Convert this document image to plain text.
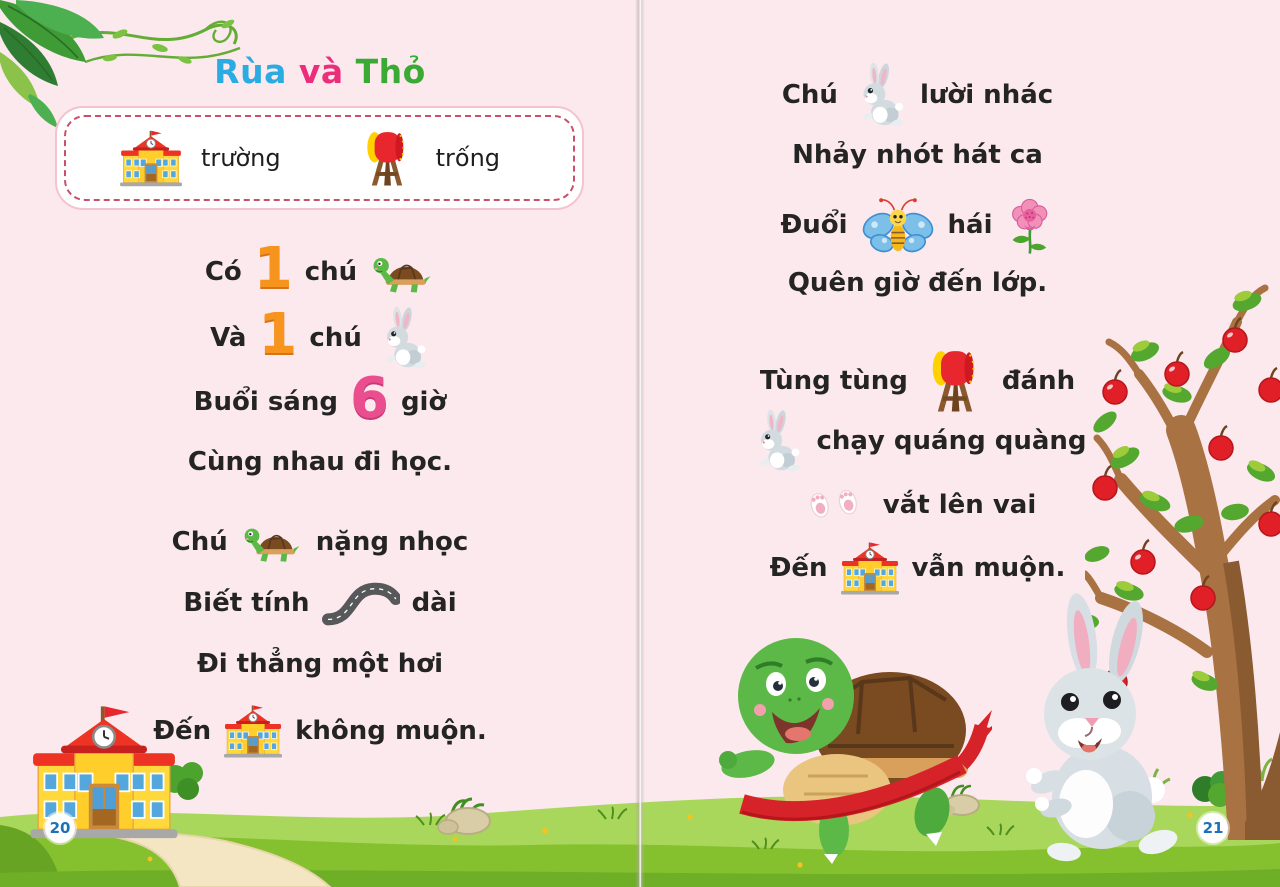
Rùa và Thỏ
trường	trống
Có 1 chú
Và 1 chú
Buổi sáng 6 giờ
Cùng nhau đi học.
Chú	nặng nhọc
Biết tính	dài
Đi thẳng một hơi
Đến	không muộn.
20
Chú	lười nhác
Nhảy nhót hát ca
Đuổi	hái
Quên giờ đến lớp.
Tùng tùng	đánh
chạy quáng quàng
vắt lên vai
Đến	vẫn muộn.
21
